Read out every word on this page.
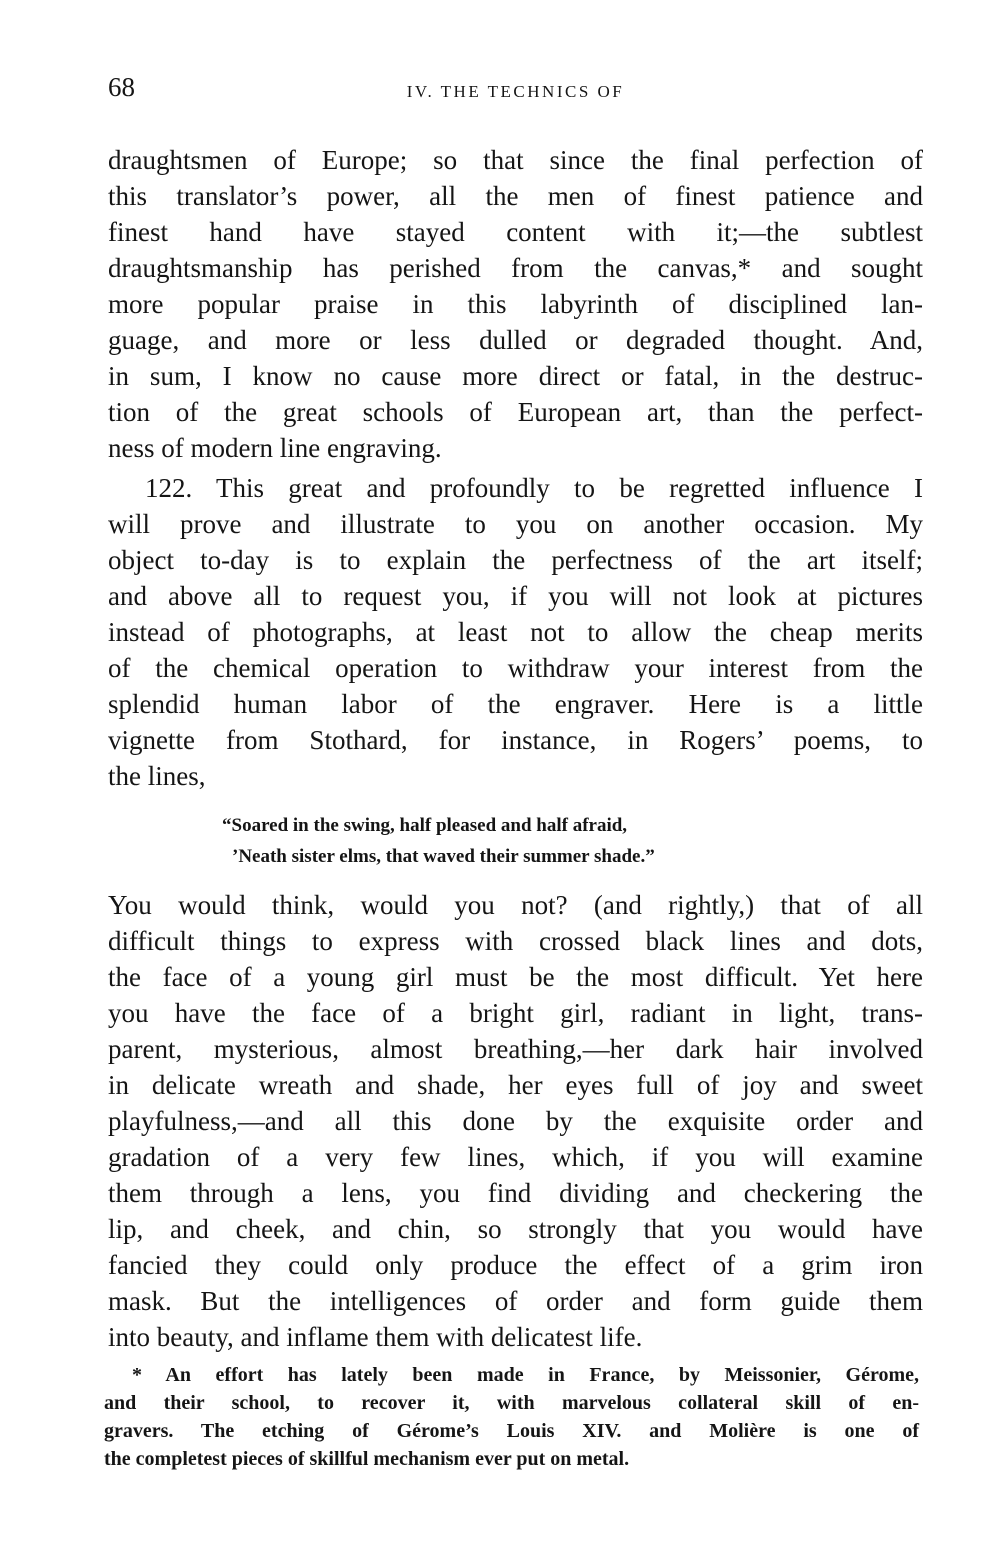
68	IV. THE TECHNICS OF
draughtsmen of Europe; so that since the final perfection of
this translator’s power, all the men of finest patience and
finest hand have stayed content with it;—the subtlest
draughtsmanship has perished from the canvas,* and sought
more popular praise in this labyrinth of disciplined lan-
guage, and more or less dulled or degraded thought. And,
in sum, I know no cause more direct or fatal, in the destruc-
tion of the great schools of European art, than the perfect-
ness of modern line engraving.
122. This great and profoundly to be regretted influence I
will prove and illustrate to you on another occasion. My
object to-day is to explain the perfectness of the art itself;
and above all to request you, if you will not look at pictures
instead of photographs, at least not to allow the cheap merits
of the chemical operation to withdraw your interest from the
splendid human labor of the engraver. Here is a little
vignette from Stothard, for instance, in Rogers’ poems, to
the lines,
“Soared in the swing, half pleased and half afraid,
’Neath sister elms, that waved their summer shade.”
You would think, would you not? (and rightly,) that of all
difficult things to express with crossed black lines and dots,
the face of a young girl must be the most difficult. Yet here
you have the face of a bright girl, radiant in light, trans-
parent, mysterious, almost breathing,—her dark hair involved
in delicate wreath and shade, her eyes full of joy and sweet
playfulness,—and all this done by the exquisite order and
gradation of a very few lines, which, if you will examine
them through a lens, you find dividing and checkering the
lip, and cheek, and chin, so strongly that you would have
fancied they could only produce the effect of a grim iron
mask. But the intelligences of order and form guide them
into beauty, and inflame them with delicatest life.
* An effort has lately been made in France, by Meissonier, Gérome,
and their school, to recover it, with marvelous collateral skill of en-
gravers. The etching of Gérome’s Louis XIV. and Molière is one of
the completest pieces of skillful mechanism ever put on metal.
